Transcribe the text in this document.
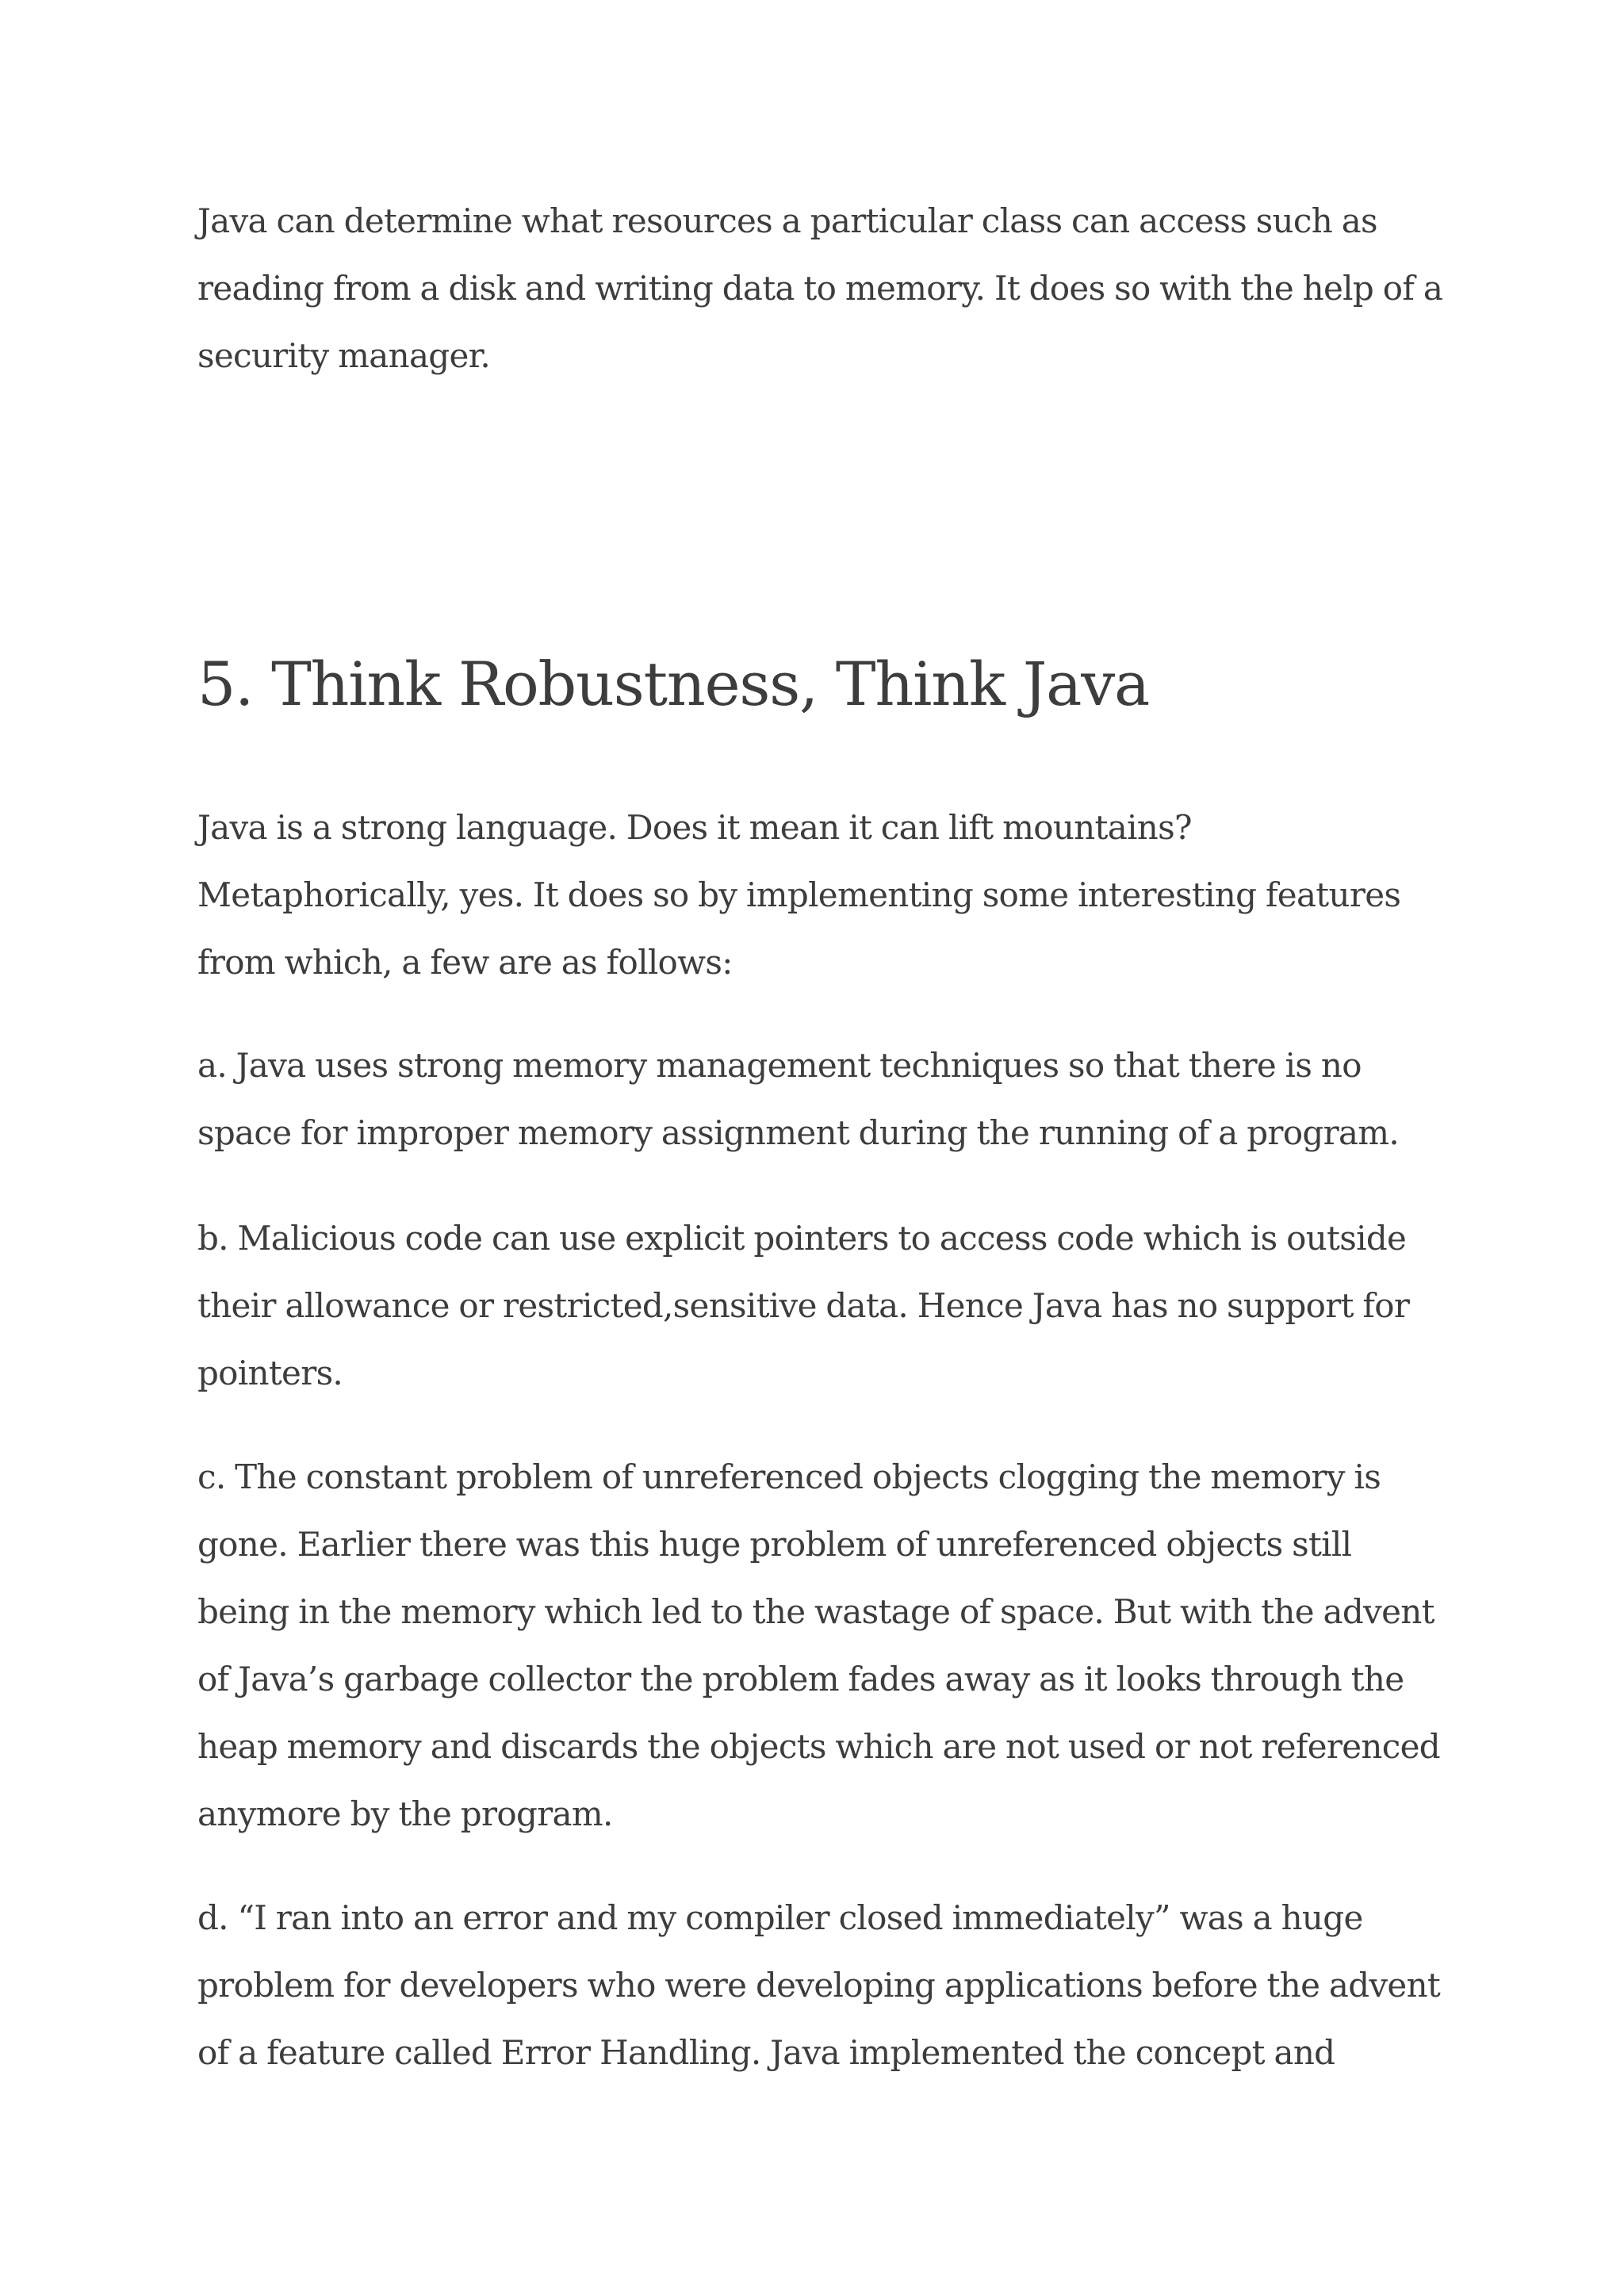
Java can determine what resources a particular class can access such as reading from a disk and writing data to memory. It does so with the help of a security manager.

5. Think Robustness, Think Java

Java is a strong language. Does it mean it can lift mountains? Metaphorically, yes. It does so by implementing some interesting features from which, a few are as follows:

a. Java uses strong memory management techniques so that there is no space for improper memory assignment during the running of a program.

b. Malicious code can use explicit pointers to access code which is outside their allowance or restricted,sensitive data. Hence Java has no support for pointers.

c. The constant problem of unreferenced objects clogging the memory is gone. Earlier there was this huge problem of unreferenced objects still being in the memory which led to the wastage of space. But with the advent of Java’s garbage collector the problem fades away as it looks through the heap memory and discards the objects which are not used or not referenced anymore by the program.

d. “I ran into an error and my compiler closed immediately” was a huge problem for developers who were developing applications before the advent of a feature called Error Handling. Java implemented the concept and
